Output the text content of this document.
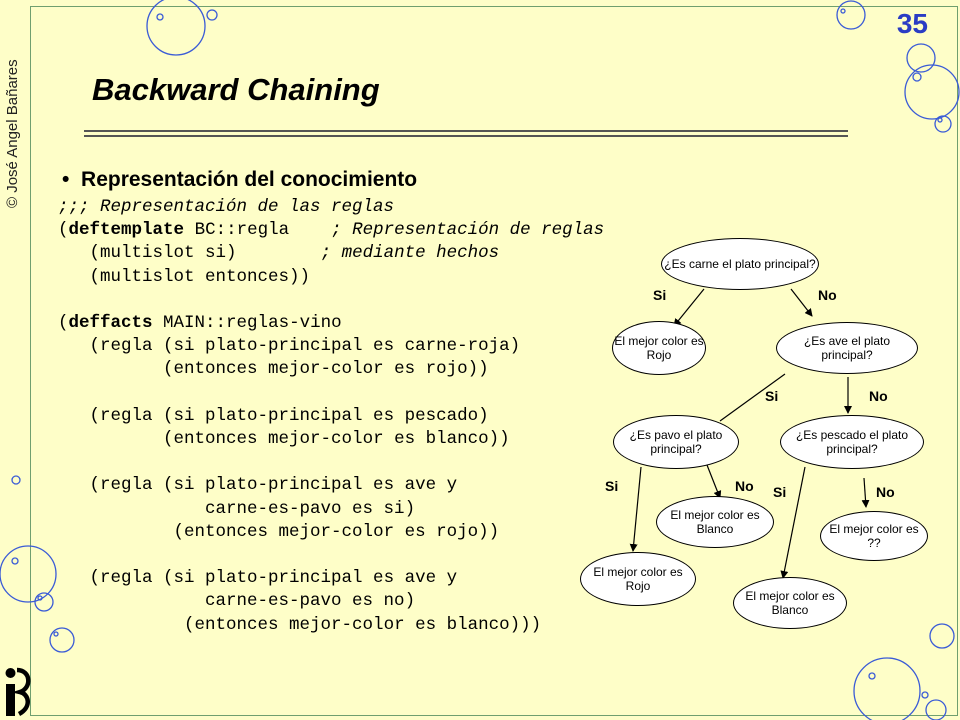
© José Angel Bañares
35
Backward Chaining
• Representación del conocimiento
;;; Representación de las reglas
(deftemplate BC::regla ; Representación de reglas
(multislot si)	; mediante hechos
(multislot entonces))

(deffacts MAIN::reglas-vino
(regla (si plato-principal es carne-roja)
(entonces mejor-color es rojo))

(regla (si plato-principal es pescado)
(entonces mejor-color es blanco))

(regla (si plato-principal es ave y
carne-es-pavo es si)
(entonces mejor-color es rojo))

(regla (si plato-principal es ave y
carne-es-pavo es no)
(entonces mejor-color es blanco)))
¿Es carne el plato principal?
El mejor color es Rojo
¿Es ave el plato principal?
¿Es pavo el plato principal?
¿Es pescado el plato principal?
El mejor color es Blanco	El mejor color es ??
El mejor color es Rojo
El mejor color es Blanco
Si	No
Si	No
Si	No Si	No
